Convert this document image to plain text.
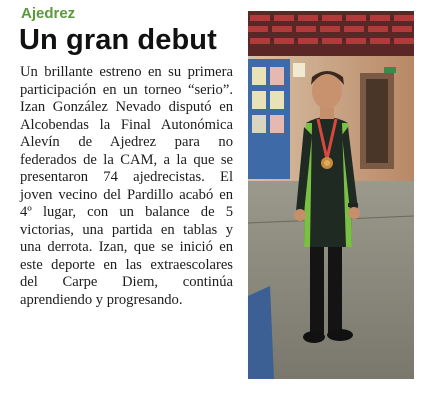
Ajedrez
Un gran debut
Un brillante estreno en su primera participación en un torneo “serio”. Izan González Nevado disputó en Alcobendas la Final Autonómica Alevín de Ajedrez para no federados de la CAM, a la que se presentaron 74 ajedrecistas. El joven vecino del Pardillo acabó en 4º lugar, con un balance de 5 victorias, una partida en tablas y una derrota. Izan, que se inició en este deporte en las extraescolares del Carpe Diem, continúa aprendiendo y progresando.
